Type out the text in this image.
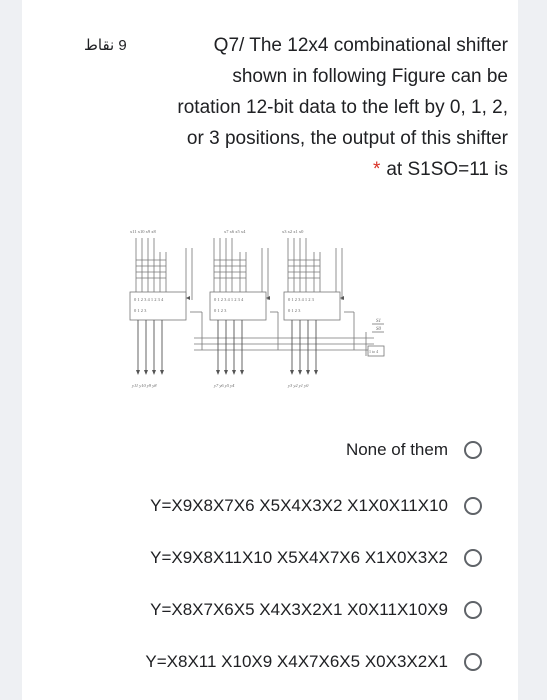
9 نقاط	Q7/ The 12x4 combinational shifter
shown in following Figure can be
rotation 12-bit data to the left by 0, 1, 2,
or 3 positions, the output of this shifter
* at S1SO=11 is
x11 x10 x9 x8	x7 x6 x5 x4	x3 x2 x1 x0
0 1 2 3 4 1 2 3 4	0 1 2 3 4 1 2 3 4	0 1 2 3 4 1 2 3
0 1 2 3	0 1 2 3	0 1 2 3
1 to 4
S1
S0
y11 y10 y9 y8	y7 y6 y5 y4	y3 y2 y1 y0
None of them
Y=X9X8X7X6 X5X4X3X2 X1X0X11X10
Y=X9X8X11X10 X5X4X7X6 X1X0X3X2
Y=X8X7X6X5 X4X3X2X1 X0X11X10X9
Y=X8X11 X10X9 X4X7X6X5 X0X3X2X1
